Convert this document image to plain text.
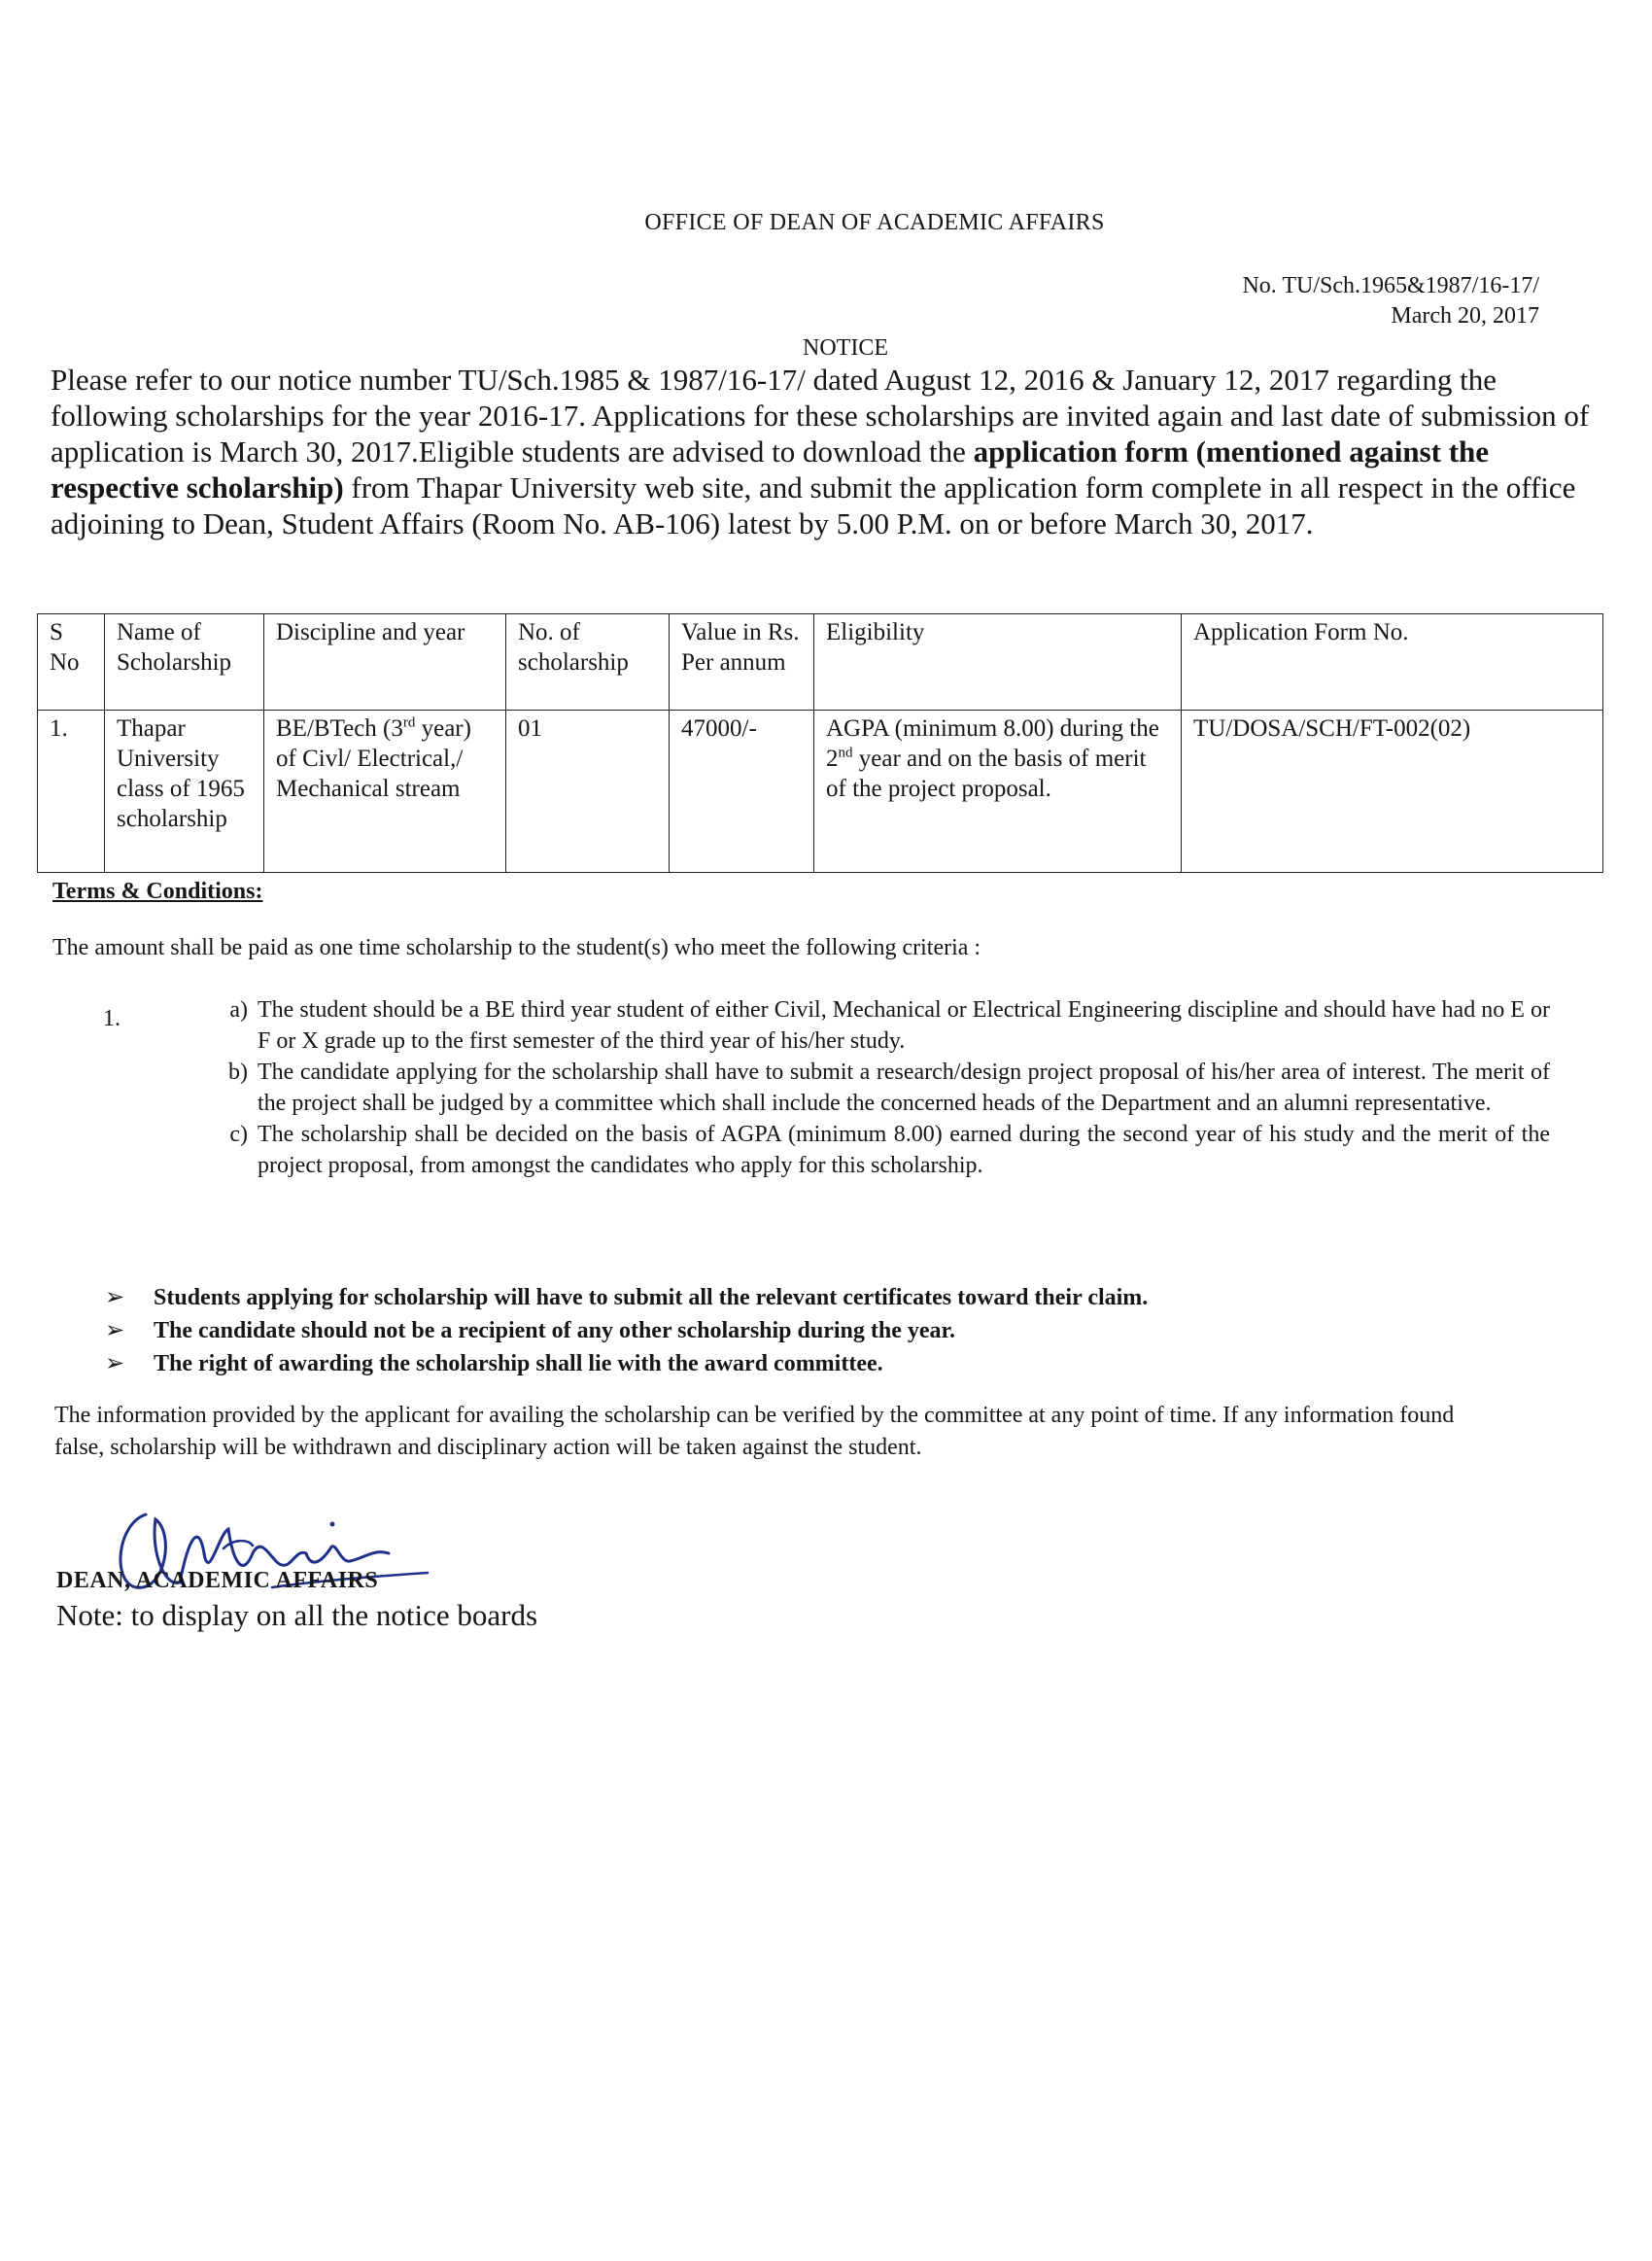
OFFICE OF DEAN OF ACADEMIC AFFAIRS
No. TU/Sch.1965&1987/16-17/
March 20, 2017
NOTICE
Please refer to our notice number TU/Sch.1985 & 1987/16-17/ dated August 12, 2016 & January 12, 2017 regarding the following scholarships for the year 2016-17. Applications for these scholarships are invited again and last date of submission of application is March 30, 2017.Eligible students are advised to download the application form (mentioned against the respective scholarship) from Thapar University web site, and submit the application form complete in all respect in the office adjoining to Dean, Student Affairs (Room No. AB-106) latest by 5.00 P.M. on or before March 30, 2017.
S No	Name of Scholarship	Discipline and year	No. of scholarship	Value in Rs. Per annum	Eligibility	Application Form No.
1.	Thapar University class of 1965 scholarship	BE/BTech (3rd year) of Civl/ Electrical,/ Mechanical stream	01	47000/-	AGPA (minimum 8.00) during the 2nd year and on the basis of merit of the project proposal.	TU/DOSA/SCH/FT-002(02)
Terms & Conditions:
The amount shall be paid as one time scholarship to the student(s) who meet the following criteria :
1.	a) The student should be a BE third year student of either Civil, Mechanical or Electrical Engineering discipline and should have had no E or F or X grade up to the first semester of the third year of his/her study.
b) The candidate applying for the scholarship shall have to submit a research/design project proposal of his/her area of interest. The merit of the project shall be judged by a committee which shall include the concerned heads of the Department and an alumni representative.
c) The scholarship shall be decided on the basis of AGPA (minimum 8.00) earned during the second year of his study and the merit of the project proposal, from amongst the candidates who apply for this scholarship.
➢	Students applying for scholarship will have to submit all the relevant certificates toward their claim.
➢	The candidate should not be a recipient of any other scholarship during the year.
➢	The right of awarding the scholarship shall lie with the award committee.
The information provided by the applicant for availing the scholarship can be verified by the committee at any point of time. If any information found false, scholarship will be withdrawn and disciplinary action will be taken against the student.
DEAN, ACADEMIC AFFAIRS
Note: to display on all the notice boards
